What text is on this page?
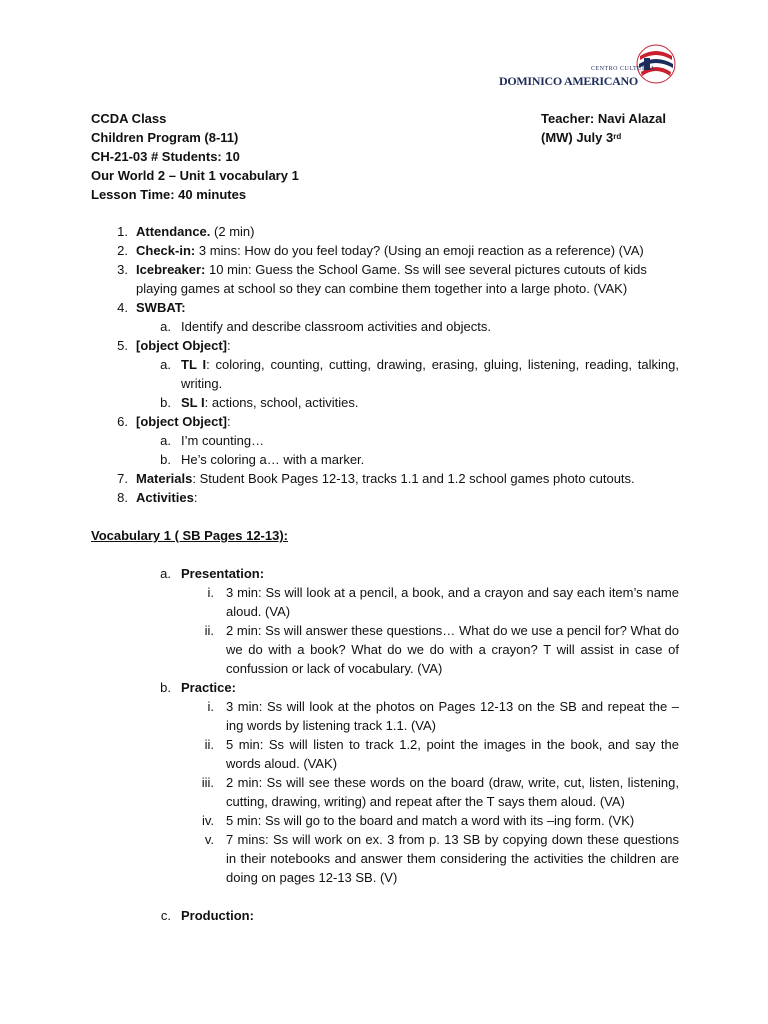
CENTRO CULTURAL
DOMINICO AMERICANO
CCDA Class
Children Program (8-11)
CH-21-03 # Students: 10
Our World 2 – Unit 1 vocabulary 1
Lesson Time: 40 minutes
Teacher: Navi Alazal
(MW) July 3rd
1. Attendance. (2 min)
2. Check-in: 3 mins: How do you feel today? (Using an emoji reaction as a reference) (VA)
3. Icebreaker: 10 min: Guess the School Game. Ss will see several pictures cutouts of kids playing games at school so they can combine them together into a large photo. (VAK)
4. SWBAT:
a. Identify and describe classroom activities and objects.
5. [object Object]:
a. TL I: coloring, counting, cutting, drawing, erasing, gluing, listening, reading, talking, writing.
b. SL I: actions, school, activities.
6. [object Object]:
a. I’m counting…
b. He’s coloring a… with a marker.
7. Materials: Student Book Pages 12-13, tracks 1.1 and 1.2 school games photo cutouts.
8. Activities:
Vocabulary 1 ( SB Pages 12-13):
a. Presentation:
i. 3 min: Ss will look at a pencil, a book, and a crayon and say each item’s name aloud. (VA)
ii. 2 min: Ss will answer these questions… What do we use a pencil for? What do we do with a book? What do we do with a crayon? T will assist in case of confussion or lack of vocabulary. (VA)
b. Practice:
i. 3 min: Ss will look at the photos on Pages 12-13 on the SB and repeat the –ing words by listening track 1.1. (VA)
ii. 5 min: Ss will listen to track 1.2, point the images in the book, and say the words aloud. (VAK)
iii. 2 min: Ss will see these words on the board (draw, write, cut, listen, listening, cutting, drawing, writing) and repeat after the T says them aloud. (VA)
iv. 5 min: Ss will go to the board and match a word with its –ing form. (VK)
v. 7 mins: Ss will work on ex. 3 from p. 13 SB by copying down these questions in their notebooks and answer them considering the activities the children are doing on pages 12-13 SB. (V)
c. Production:
